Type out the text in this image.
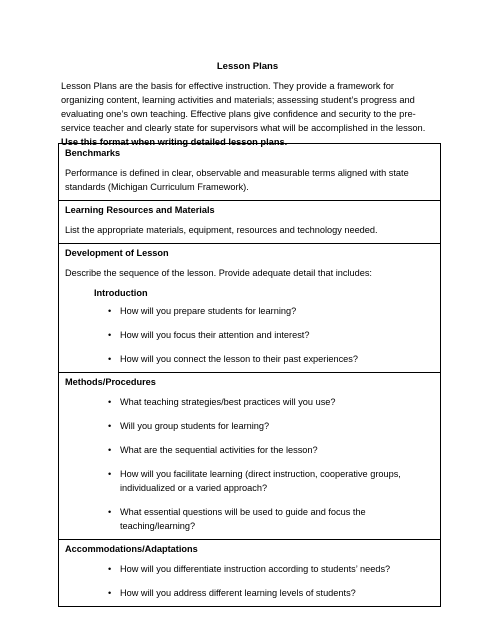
Lesson Plans
Lesson Plans are the basis for effective instruction. They provide a framework for organizing content, learning activities and materials; assessing student’s progress and evaluating one’s own teaching. Effective plans give confidence and security to the pre-service teacher and clearly state for supervisors what will be accomplished in the lesson. Use this format when writing detailed lesson plans.
Benchmarks
Performance is defined in clear, observable and measurable terms aligned with state standards (Michigan Curriculum Framework).

Learning Resources and Materials
List the appropriate materials, equipment, resources and technology needed.

Development of Lesson
Describe the sequence of the lesson. Provide adequate detail that includes:
Introduction
• How will you prepare students for learning?
• How will you focus their attention and interest?
• How will you connect the lesson to their past experiences?

Methods/Procedures
• What teaching strategies/best practices will you use?
• Will you group students for learning?
• What are the sequential activities for the lesson?
• How will you facilitate learning (direct instruction, cooperative groups, individualized or a varied approach?
• What essential questions will be used to guide and focus the teaching/learning?

Accommodations/Adaptations
• How will you differentiate instruction according to students’ needs?
• How will you address different learning levels of students?
